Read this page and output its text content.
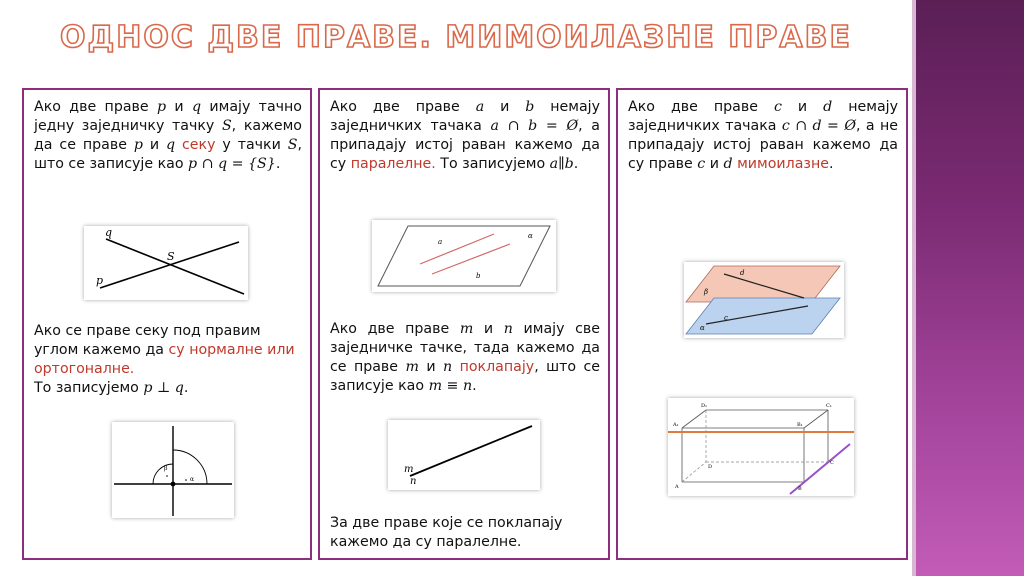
ОДНОС ДВЕ ПРАВЕ. МИМОИЛАЗНЕ ПРАВЕ
Ако две праве p и q имају тачно једну заједничку тачку S, кажемо да се праве p и q секу у тачки S, што се записује као p ∩ q = {S}.
q
p
S
Ако се праве секу под правим углом кажемо да су нормалне или ортогоналне.
То записујемо p ⊥ q.
β
α
Ако две праве a и b немају заједничких тачака a ∩ b = Ø, а припадају истој раван кажемо да су паралелне. То записујемо a∥b.
a
b
α
Ако две праве m и n имају све заједничке тачке, тада кажемо да се праве m и n поклапају, што се записује као m ≡ n.
m
n
За две праве које се поклапају кажемо да су паралелне.
Ако две праве c и d немају заједничких тачака c ∩ d = Ø, а не припадају истој раван кажемо да су праве c и d мимоилазне.
d
β
c
α
D₁	C₁
A₁	B₁
D
A
C
B
